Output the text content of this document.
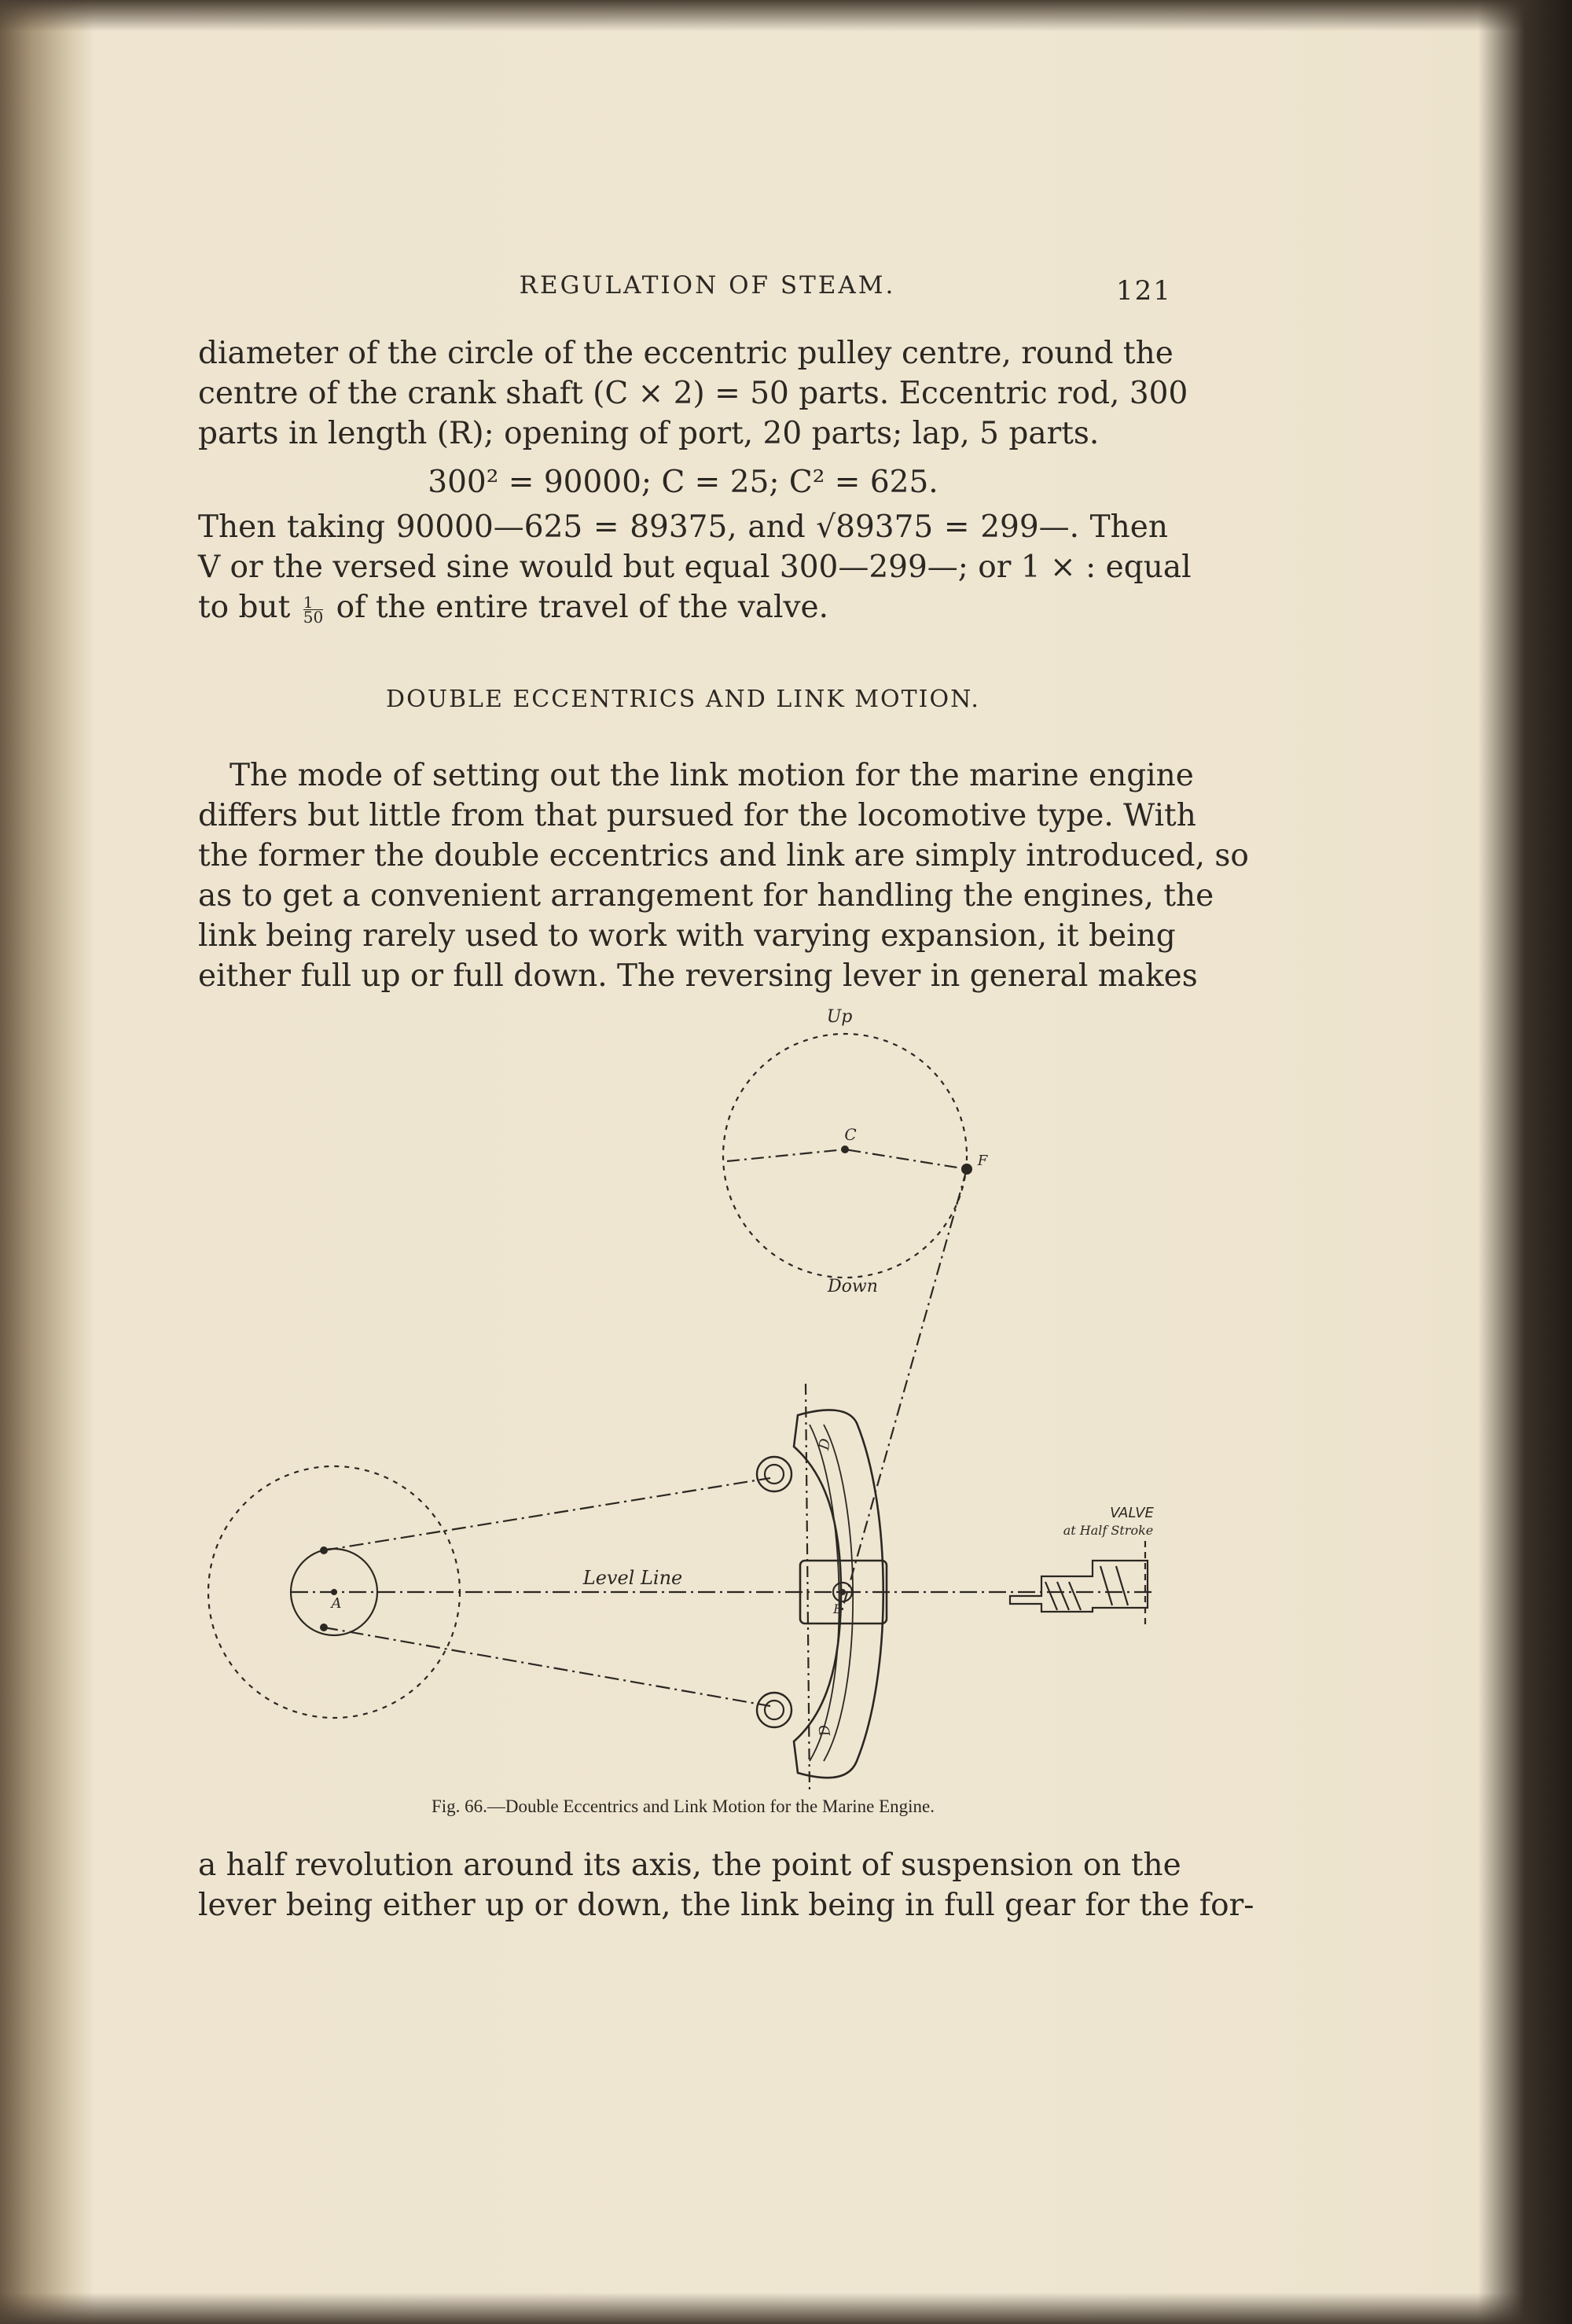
REGULATION OF STEAM.	121
diameter of the circle of the eccentric pulley centre, round the
centre of the crank shaft (C × 2) = 50 parts. Eccentric rod, 300
parts in length (R); opening of port, 20 parts; lap, 5 parts.
300² = 90000; C = 25; C² = 625.
Then taking 90000—625 = 89375, and √89375 = 299—. Then
V or the versed sine would but equal 300—299—; or 1 × : equal
to but $\frac{1}{50}$ of the entire travel of the valve.
DOUBLE ECCENTRICS AND LINK MOTION.
The mode of setting out the link motion for the marine engine
differs but little from that pursued for the locomotive type. With
the former the double eccentrics and link are simply introduced, so
as to get a convenient arrangement for handling the engines, the
link being rarely used to work with varying expansion, it being
either full up or full down. The reversing lever in general makes
Up
Down
C
F
A	B
D
D
Level Line
VALVE
at Half Stroke
Fig. 66.—Double Eccentrics and Link Motion for the Marine Engine.
a half revolution around its axis, the point of suspension on the
lever being either up or down, the link being in full gear for the for-
